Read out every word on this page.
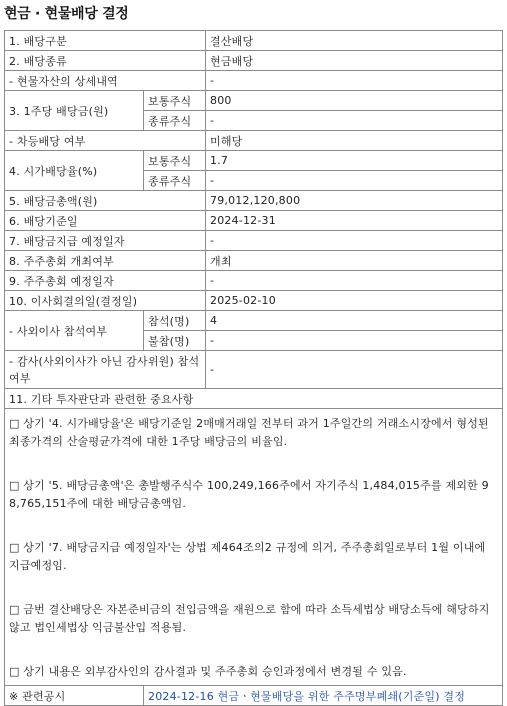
현금 · 현물배당 결정
1. 배당구분		결산배당
2. 배당종류		현금배당
- 현물자산의 상세내역		-
3. 1주당 배당금(원)	보통주식	800
	종류주식	-
- 차등배당 여부		미해당
4. 시가배당율(%)	보통주식	1.7
	종류주식	-
5. 배당금총액(원)		79,012,120,800
6. 배당기준일		2024-12-31
7. 배당금지급 예정일자		-
8. 주주총회 개최여부		개최
9. 주주총회 예정일자		-
10. 이사회결의일(결정일)		2025-02-10
- 사외이사 참석여부	참석(명)	4
	불참(명)	-
- 감사(사외이사가 아닌 감사위원) 참석여부		-
11. 기타 투자판단과 관련한 중요사항		

□ 상기 '4. 시가배당율'은 배당기준일 2매매거래일 전부터 과거 1주일간의 거래소시장에서 형성된 최종가격의 산술평균가격에 대한 1주당 배당금의 비율임.
□ 상기 '5. 배당금총액'은 총발행주식수 100,249,166주에서 자기주식 1,484,015주를 제외한 98,765,151주에 대한 배당금총액임.
□ 상기 '7. 배당금지급 예정일자'는 상법 제464조의2 규정에 의거, 주주총회일로부터 1월 이내에 지급예정임.
□ 금번 결산배당은 자본준비금의 전입금액을 재원으로 함에 따라 소득세법상 배당소득에 해당하지 않고 법인세법상 익금불산입 적용됨.
□ 상기 내용은 외부감사인의 감사결과 및 주주총회 승인과정에서 변경될 수 있음.		

※ 관련공시	2024-12-16 현금ㆍ현물배당을 위한 주주명부폐쇄(기준일) 결정	
